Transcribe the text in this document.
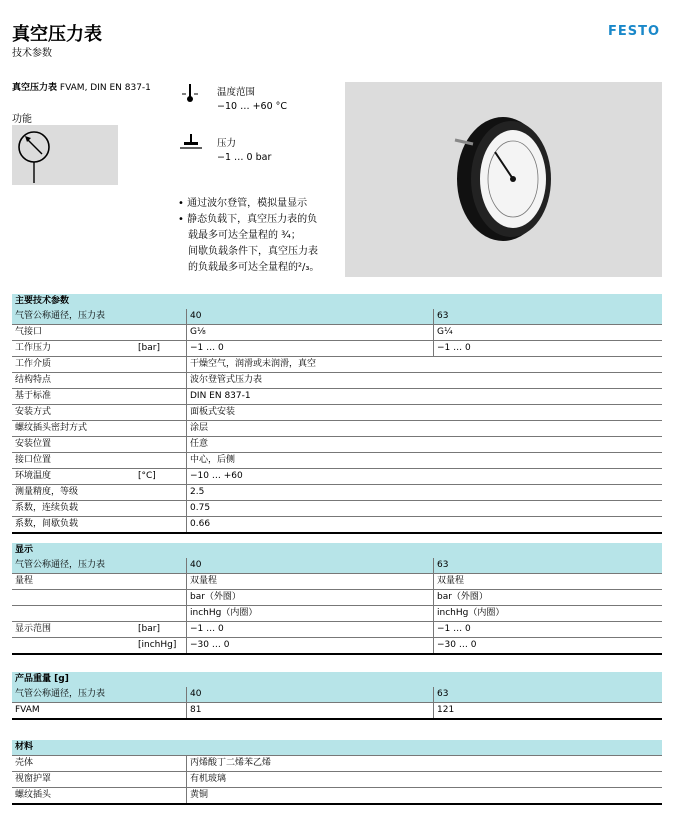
真空压力表
技术参数
FESTO
真空压力表 FVAM, DIN EN 837-1
功能
温度范围
−10 … +60 °C
压力
−1 … 0 bar
• 通过波尔登管，模拟量显示
• 静态负载下，真空压力表的负
载最多可达全量程的 ¾；
间歇负载条件下，真空压力表
的负载最多可达全量程的²/₃。
主要技术参数			
气管公称通径，压力表		40	63
气接口		G⅛	G¼
工作压力	[bar]	−1 … 0	−1 … 0
工作介质		干燥空气，润滑或未润滑，真空	
结构特点		波尔登管式压力表	
基于标准		DIN EN 837-1	
安装方式		面板式安装	
螺纹插头密封方式		涂层	
安装位置		任意	
接口位置		中心，后侧	
环境温度	[°C]	−10 … +60	
测量精度，等级		2.5	
系数，连续负载		0.75	
系数，间歇负载		0.66	
显示			
气管公称通径，压力表		40	63
量程		双量程	双量程
		bar（外圈）	bar（外圈）
		inchHg（内圈）	inchHg（内圈）
显示范围	[bar]	−1 … 0	−1 … 0
	[inchHg]	−30 … 0	−30 … 0
产品重量 [g]			
气管公称通径，压力表		40	63
FVAM		81	121
材料		
壳体		丙烯酸丁二烯苯乙烯
视窗护罩		有机玻璃
螺纹插头		黄铜
